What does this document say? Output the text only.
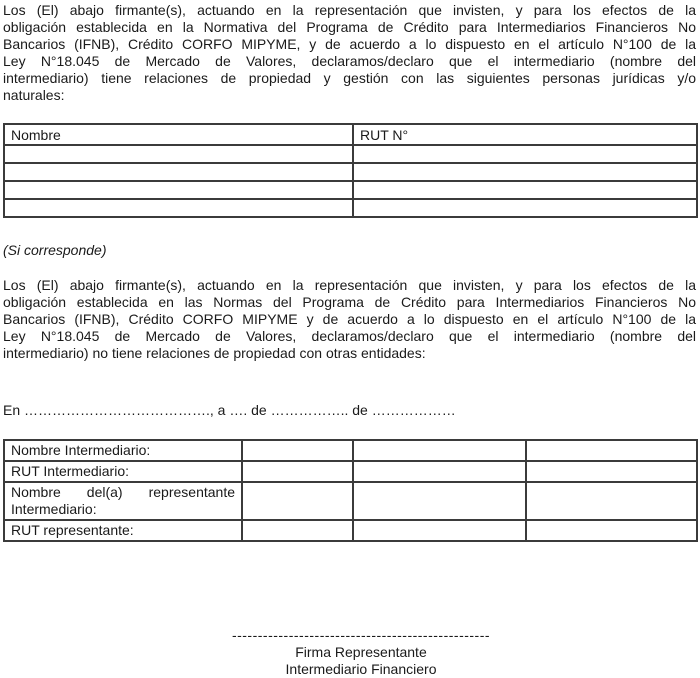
Los (El) abajo firmante(s), actuando en la representación que invisten, y para los efectos de la
obligación establecida en la Normativa del Programa de Crédito para Intermediarios Financieros No
Bancarios (IFNB), Crédito CORFO MIPYME, y de acuerdo a lo dispuesto en el artículo N°100 de la
Ley N°18.045 de Mercado de Valores, declaramos/declaro que el intermediario (nombre del
intermediario) tiene relaciones de propiedad y gestión con las siguientes personas jurídicas y/o
naturales:

Nombre	RUT N°

(Si corresponde)

Los (El) abajo firmante(s), actuando en la representación que invisten, y para los efectos de la
obligación establecida en las Normas del Programa de Crédito para Intermediarios Financieros No
Bancarios (IFNB), Crédito CORFO MIPYME y de acuerdo a lo dispuesto en el artículo N°100 de la
Ley N°18.045 de Mercado de Valores, declaramos/declaro que el intermediario (nombre del
intermediario) no tiene relaciones de propiedad con otras entidades:

En …………………………………., a …. de …………….. de ………………

Nombre Intermediario:			
RUT Intermediario:			
Nombre del(a) representante Intermediario:			
RUT representante:			
--------------------------------------------------
Firma Representante
Intermediario Financiero
